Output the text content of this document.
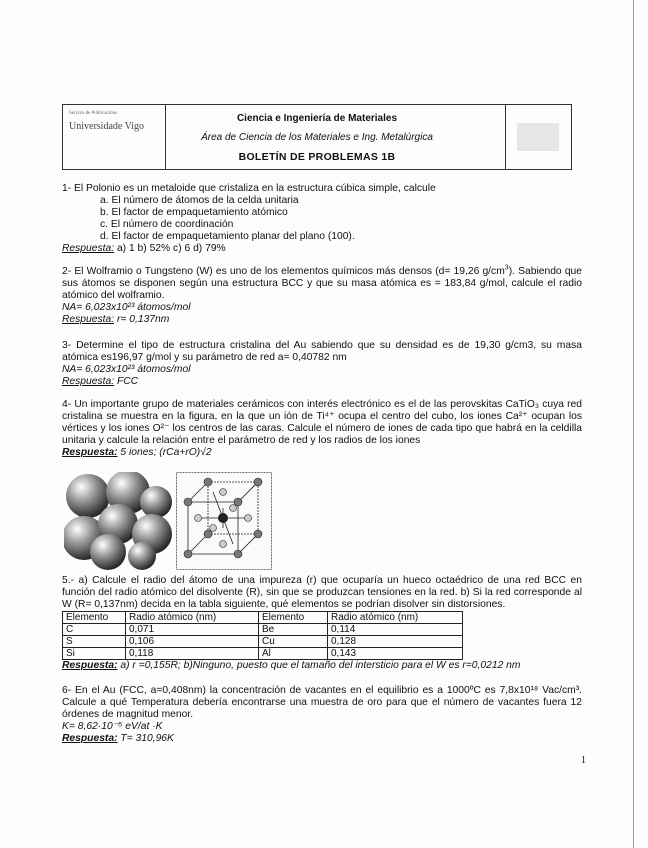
Servizo de Publicacións
Universidade Vigo
Ciencia e Ingeniería de Materiales
Área de Ciencia de los Materiales e Ing. Metalúrgica
BOLETÍN DE PROBLEMAS 1B

1- El Polonio es un metaloide que cristaliza en la estructura cúbica simple, calcule

a. El número de átomos de la celda unitaria

b. El factor de empaquetamiento atómico

c. El número de coordinación

d. El factor de empaquetamiento planar del plano (100).

Respuesta: a) 1 b) 52% c) 6 d) 79%

2- El Wolframio o Tungsteno (W) es uno de los elementos químicos más densos (d= 19,26 $g/cm^3$). Sabiendo que sus átomos se disponen según una estructura BCC y que su masa atómica es = 183,84 g/mol, calcule el radio atómico del wolframio.

NA= 6,023x10²³ átomos/mol

Respuesta: r= 0,137nm

3- Determine el tipo de estructura cristalina del Au sabiendo que su densidad es de 19,30 g/cm3, su masa atómica es196,97 g/mol y su parámetro de red a= 0,40782 nm

NA= 6,023x10²³ átomos/mol

Respuesta: FCC

4- Un importante grupo de materiales cerámicos con interés electrónico es el de las perovskitas CaTiO₃ cuya red cristalina se muestra en la figura, en la que un ión de Ti⁴⁺ ocupa el centro del cubo, los iones Ca²⁺ ocupan los vértices y los iones O²⁻ los centros de las caras. Calcule el número de iones de cada tipo que habrá en la celdilla unitaria y calcule la relación entre el parámetro de red y los radios de los iones

Respuesta: 5 iones; (rCa+rO)√2

5.- a) Calcule el radio del átomo de una impureza (r) que ocuparía un hueco octaédrico de una red BCC en función del radio atómico del disolvente (R), sin que se produzcan tensiones en la red. b) Si la red corresponde al W (R= 0,137nm) decida en la tabla siguiente, qué elementos se podrían disolver sin distorsiones.

Elemento	Radio atómico (nm)	Elemento	Radio atómico (nm)
C	0,071	Be	0,114
S	0,106	Cu	0,128
Si	0,118	Al	0,143

Respuesta: a) r =0,155R; b)Ninguno, puesto que el tamaño del intersticio para el W es r=0,0212 nm

6- En el Au (FCC, a=0,408nm) la concentración de vacantes en el equilibrio es a 1000ºC es 7,8x10¹⁸ Vac/cm³. Calcule a qué Temperatura debería encontrarse una muestra de oro para que el número de vacantes fuera 12 órdenes de magnitud menor.

K= 8,62·10⁻⁵ eV/at ·K

Respuesta: T= 310,96K

1
